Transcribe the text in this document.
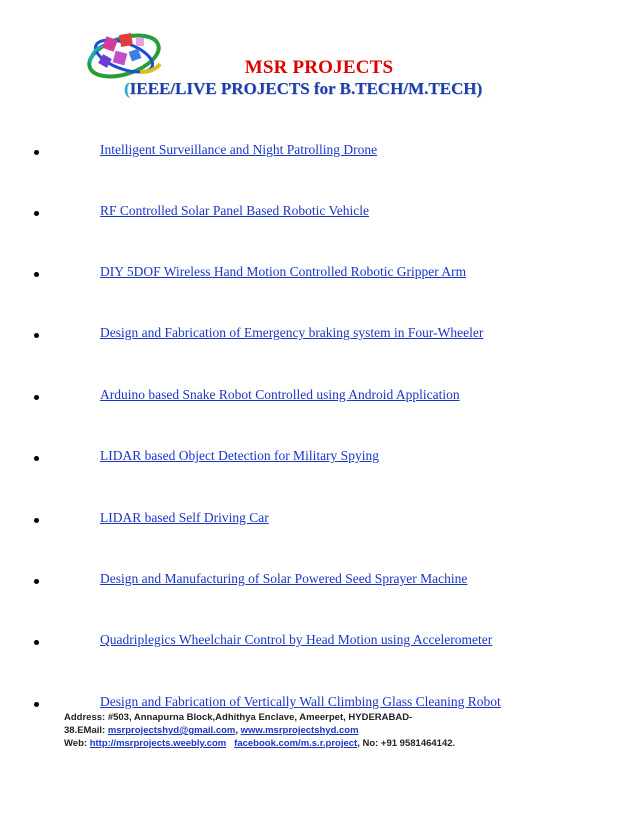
MSR PROJECTS
(IEEE/LIVE PROJECTS for B.TECH/M.TECH)
Intelligent Surveillance and Night Patrolling Drone
RF Controlled Solar Panel Based Robotic Vehicle
DIY 5DOF Wireless Hand Motion Controlled Robotic Gripper Arm
Design and Fabrication of Emergency braking system in Four-Wheeler
Arduino based Snake Robot Controlled using Android Application
LIDAR based Object Detection for Military Spying
LIDAR based Self Driving Car
Design and Manufacturing of Solar Powered Seed Sprayer Machine
Quadriplegics Wheelchair Control by Head Motion using Accelerometer
Design and Fabrication of Vertically Wall Climbing Glass Cleaning Robot
Address: #503, Annapurna Block,Adhithya Enclave, Ameerpet, HYDERABAD-
38.EMail: msrprojectshyd@gmail.com, www.msrprojectshyd.com
Web: http://msrprojects.weebly.com facebook.com/m.s.r.project, No: +91 9581464142.
